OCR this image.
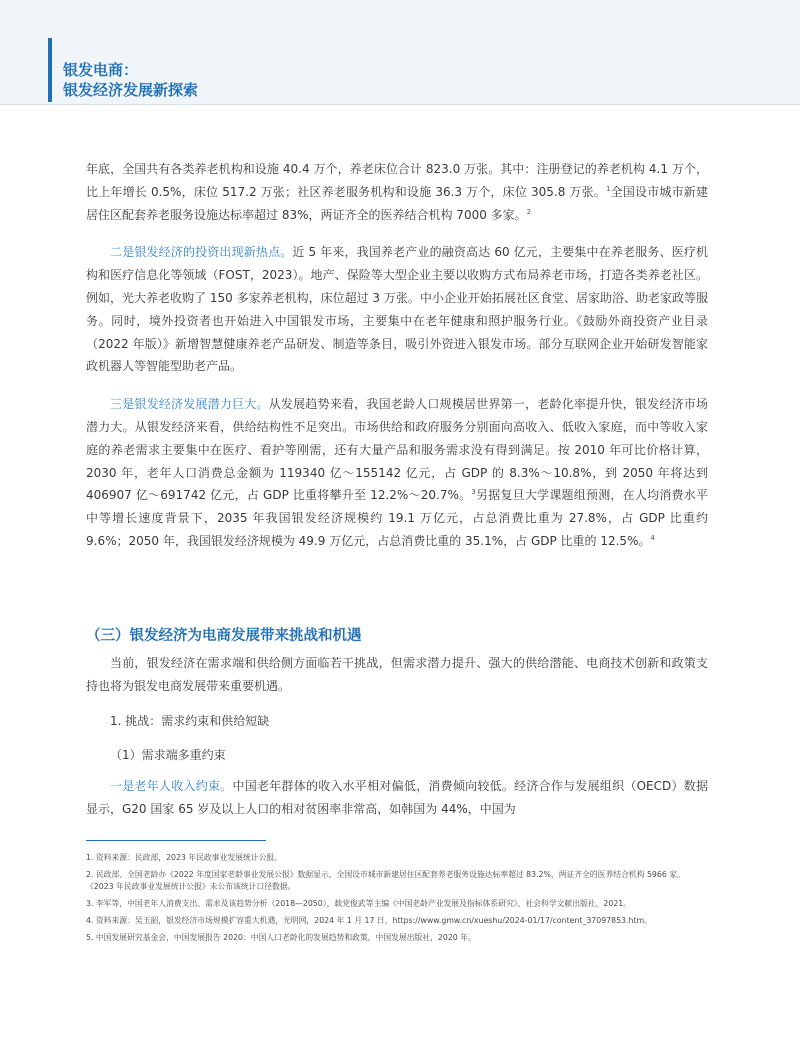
银发电商：
银发经济发展新探索

年底，全国共有各类养老机构和设施 40.4 万个，养老床位合计 823.0 万张。其中：注册登记的养老机构 4.1 万个，比上年增长 0.5%，床位 517.2 万张；社区养老服务机构和设施 36.3 万个，床位 305.8 万张。$^1$全国设市城市新建居住区配套养老服务设施达标率超过 83%，两证齐全的医养结合机构 7000 多家。$^2$

二是银发经济的投资出现新热点。近 5 年来，我国养老产业的融资高达 60 亿元，主要集中在养老服务、医疗机构和医疗信息化等领域（FOST，2023）。地产、保险等大型企业主要以收购方式布局养老市场，打造各类养老社区。例如，光大养老收购了 150 多家养老机构，床位超过 3 万张。中小企业开始拓展社区食堂、居家助浴、助老家政等服务。同时，境外投资者也开始进入中国银发市场，主要集中在老年健康和照护服务行业。《鼓励外商投资产业目录（2022 年版）》新增智慧健康养老产品研发、制造等条目，吸引外资进入银发市场。部分互联网企业开始研发智能家政机器人等智能型助老产品。

三是银发经济发展潜力巨大。从发展趋势来看，我国老龄人口规模居世界第一，老龄化率提升快，银发经济市场潜力大。从银发经济来看，供给结构性不足突出。市场供给和政府服务分别面向高收入、低收入家庭，而中等收入家庭的养老需求主要集中在医疗、看护等刚需，还有大量产品和服务需求没有得到满足。按 2010 年可比价格计算，2030 年，老年人口消费总金额为 119340 亿～155142 亿元，占 GDP 的 8.3%～10.8%，到 2050 年将达到 406907 亿～691742 亿元，占 GDP 比重将攀升至 12.2%～20.7%。$^3$另据复旦大学课题组预测，在人均消费水平中等增长速度背景下，2035 年我国银发经济规模约 19.1 万亿元，占总消费比重为 27.8%，占 GDP 比重约 9.6%；2050 年，我国银发经济规模为 49.9 万亿元，占总消费比重的 35.1%，占 GDP 比重的 12.5%。$^4$

（三）银发经济为电商发展带来挑战和机遇

当前，银发经济在需求端和供给侧方面临若干挑战，但需求潜力提升、强大的供给潜能、电商技术创新和政策支持也将为银发电商发展带来重要机遇。

1. 挑战：需求约束和供给短缺

（1）需求端多重约束

一是老年人收入约束。中国老年群体的收入水平相对偏低，消费倾向较低。经济合作与发展组织（OECD）数据显示，G20 国家 65 岁及以上人口的相对贫困率非常高，如韩国为 44%，中国为

1. 资料来源：民政部，2023 年民政事业发展统计公报。

2. 民政部、全国老龄办《2022 年度国家老龄事业发展公报》数据显示，全国设市城市新建居住区配套养老服务设施达标率超过 83.2%，两证齐全的医养结合机构 5966 家。《2023 年民政事业发展统计公报》未公布该统计口径数据。

3. 李军等，中国老年人消费支出、需求及该趋势分析（2018—2050），载党俊武等主编《中国老龄产业发展及指标体系研究》，社会科学文献出版社，2021。

4. 资料来源：吴玉韶，银发经济市场规模扩容重大机遇，光明网，2024 年 1 月 17 日，https://www.gmw.cn/xueshu/2024-01/17/content_37097853.htm。

5. 中国发展研究基金会，中国发展报告 2020：中国人口老龄化的发展趋势和政策，中国发展出版社，2020 年。
